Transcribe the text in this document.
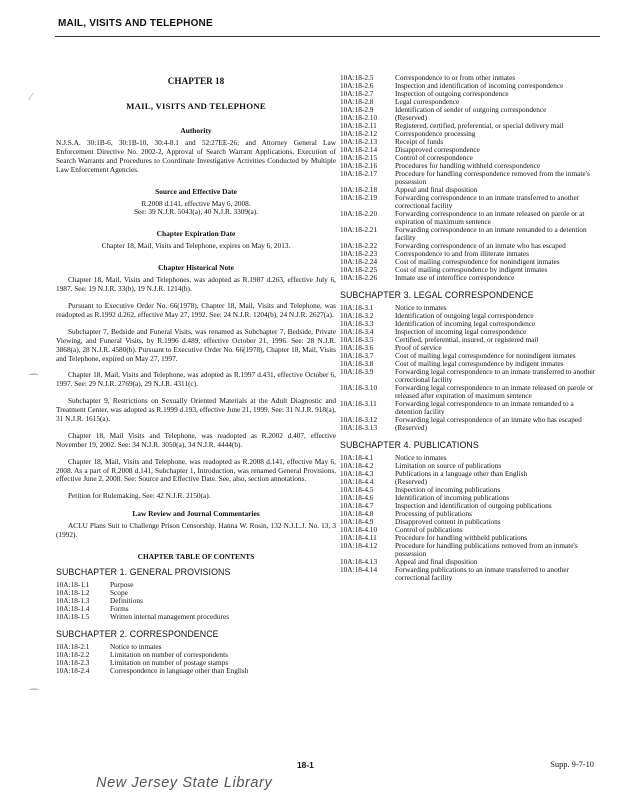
MAIL, VISITS AND TELEPHONE
⁄
⁀
⁀
CHAPTER 18
MAIL, VISITS AND TELEPHONE
Authority
N.J.S.A. 30:1B-6, 30:1B-10, 30:4-8.1 and 52:27EE-26; and Attorney General Law Enforcement Directive No. 2002-2, Approval of Search Warrant Applications, Execution of Search Warrants and Procedures to Coordinate Investigative Activities Conducted by Multiple Law Enforcement Agencies.
Source and Effective Date
R.2008 d.141, effective May 6, 2008.
See: 39 N.J.R. 5043(a), 40 N.J.R. 3309(a).
Chapter Expiration Date
Chapter 18, Mail, Visits and Telephone, expires on May 6, 2013.
Chapter Historical Note

Chapter 18, Mail, Visits and Telephones, was adopted as R.1987 d.263, effective July 6, 1987. See: 19 N.J.R. 33(b), 19 N.J.R. 1214(b).

Pursuant to Executive Order No. 66(1978), Chapter 18, Mail, Visits and Telephone, was readopted as R.1992 d.262, effective May 27, 1992. See: 24 N.J.R. 1204(b), 24 N.J.R. 2627(a).

Subchapter 7, Bedside and Funeral Visits, was renamed as Subchapter 7, Bedside, Private Viewing, and Funeral Visits, by R.1996 d.489, effective October 21, 1996. See: 28 N.J.R. 3868(a), 28 N.J.R. 4580(b). Pursuant to Executive Order No. 66(1978), Chapter 18, Mail, Visits and Telephone, expired on May 27, 1997.

Chapter 18, Mail, Visits and Telephone, was adopted as R.1997 d.431, effective October 6, 1997. See: 29 N.J.R. 2769(a), 29 N.J.R. 4311(c).

Subchapter 9, Restrictions on Sexually Oriented Materials at the Adult Diagnostic and Treatment Center, was adopted as R.1999 d.193, effective June 21, 1999. See: 31 N.J.R. 918(a), 31 N.J.R. 1615(a).

Chapter 18, Mail Visits and Telephone, was readopted as R.2002 d.407, effective November 19, 2002. See: 34 N.J.R. 3050(a), 34 N.J.R. 4444(b).

Chapter 18, Mail, Visits and Telephone, was readopted as R.2008 d.141, effective May 6, 2008. As a part of R.2008 d.141, Subchapter 1, Introduction, was renamed General Provisions, effective June 2, 2008. See: Source and Effective Date. See, also, section annotations.

Petition for Rulemaking. See: 42 N.J.R. 2150(a).

Law Review and Journal Commentaries

ACLU Plans Suit to Challenge Prison Censorship. Hanna W. Rosin, 132 N.J.L.J. No. 13, 3 (1992).

CHAPTER TABLE OF CONTENTS
SUBCHAPTER 1. GENERAL PROVISIONS
10A:18-1.1	Purpose
10A:18-1.2	Scope
10A:18-1.3	Definitions
10A:18-1.4	Forms
10A:18-1.5	Written internal management procedures
SUBCHAPTER 2. CORRESPONDENCE
10A:18-2.1	Notice to inmates
10A:18-2.2	Limitation on number of correspondents
10A:18-2.3	Limitation on number of postage stamps
10A:18-2.4	Correspondence in language other than English
10A:18-2.5	Correspondence to or from other inmates
10A:18-2.6	Inspection and identification of incoming correspondence
10A:18-2.7	Inspection of outgoing correspondence
10A:18-2.8	Legal correspondence
10A:18-2.9	Identification of sender of outgoing correspondence
10A:18-2.10	(Reserved)
10A:18-2.11	Registered, certified, preferential, or special delivery mail
10A:18-2.12	Correspondence processing
10A:18-2.13	Receipt of funds
10A:18-2.14	Disapproved correspondence
10A:18-2.15	Control of correspondence
10A:18-2.16	Procedures for handling withheld correspondence
10A:18-2.17	Procedure for handling correspondence removed from the inmate's possession
10A:18-2.18	Appeal and final disposition
10A:18-2.19	Forwarding correspondence to an inmate transferred to another correctional facility
10A:18-2.20	Forwarding correspondence to an inmate released on parole or at expiration of maximum sentence
10A:18-2.21	Forwarding correspondence to an inmate remanded to a detention facility
10A:18-2.22	Forwarding correspondence of an inmate who has escaped
10A:18-2.23	Correspondence to and from illiterate inmates
10A:18-2.24	Cost of mailing correspondence for nonindigent inmates
10A:18-2.25	Cost of mailing correspondence by indigent inmates
10A:18-2.26	Inmate use of interoffice correspondence
SUBCHAPTER 3. LEGAL CORRESPONDENCE
10A:18-3.1	Notice to inmates
10A:18-3.2	Identification of outgoing legal correspondence
10A:18-3.3	Identification of incoming legal correspondence
10A:18-3.4	Inspection of incoming legal correspondence
10A:18-3.5	Certified, preferential, insured, or registered mail
10A:18-3.6	Proof of service
10A:18-3.7	Cost of mailing legal correspondence for nonindigent inmates
10A:18-3.8	Cost of mailing legal correspondence by indigent inmates
10A:18-3.9	Forwarding legal correspondence to an inmate transferred to another correctional facility
10A:18-3.10	Forwarding legal correspondence to an inmate released on parole or released after expiration of maximum sentence
10A:18-3.11	Forwarding legal correspondence to an inmate remanded to a detention facility
10A:18-3.12	Forwarding legal correspondence of an inmate who has escaped
10A:18-3.13	(Reserved)
SUBCHAPTER 4. PUBLICATIONS
10A:18-4.1	Notice to inmates
10A:18-4.2	Limitation on source of publications
10A:18-4.3	Publications in a language other than English
10A:18-4.4	(Reserved)
10A:18-4.5	Inspection of incoming publications
10A:18-4.6	Identification of incoming publications
10A:18-4.7	Inspection and identification of outgoing publications
10A:18-4.8	Processing of publications
10A:18-4.9	Disapproved content in publications
10A:18-4.10	Control of publications
10A:18-4.11	Procedure for handling withheld publications
10A:18-4.12	Procedure for handling publications removed from an inmate's possession
10A:18-4.13	Appeal and final disposition
10A:18-4.14	Forwarding publications to an inmate transferred to another correctional facility
18-1	Supp. 9-7-10
New Jersey State Library
